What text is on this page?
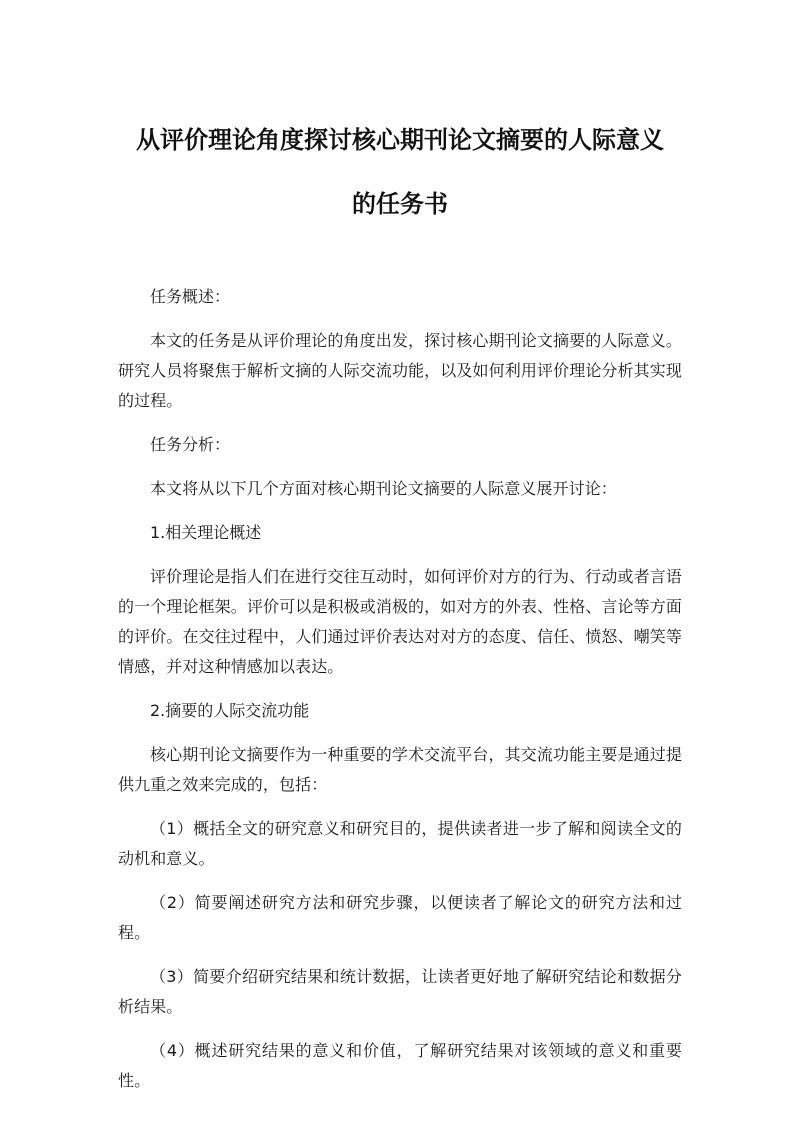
从评价理论角度探讨核心期刊论文摘要的人际意义
的任务书

任务概述：

本文的任务是从评价理论的角度出发，探讨核心期刊论文摘要的人际意义。研究人员将聚焦于解析文摘的人际交流功能，以及如何利用评价理论分析其实现的过程。

任务分析：

本文将从以下几个方面对核心期刊论文摘要的人际意义展开讨论：

1.相关理论概述

评价理论是指人们在进行交往互动时，如何评价对方的行为、行动或者言语的一个理论框架。评价可以是积极或消极的，如对方的外表、性格、言论等方面的评价。在交往过程中，人们通过评价表达对对方的态度、信任、愤怒、嘲笑等情感，并对这种情感加以表达。

2.摘要的人际交流功能

核心期刊论文摘要作为一种重要的学术交流平台，其交流功能主要是通过提供九重之效来完成的，包括：

（1）概括全文的研究意义和研究目的，提供读者进一步了解和阅读全文的动机和意义。

（2）简要阐述研究方法和研究步骤，以便读者了解论文的研究方法和过程。

（3）简要介绍研究结果和统计数据，让读者更好地了解研究结论和数据分析结果。

（4）概述研究结果的意义和价值，了解研究结果对该领域的意义和重要性。
